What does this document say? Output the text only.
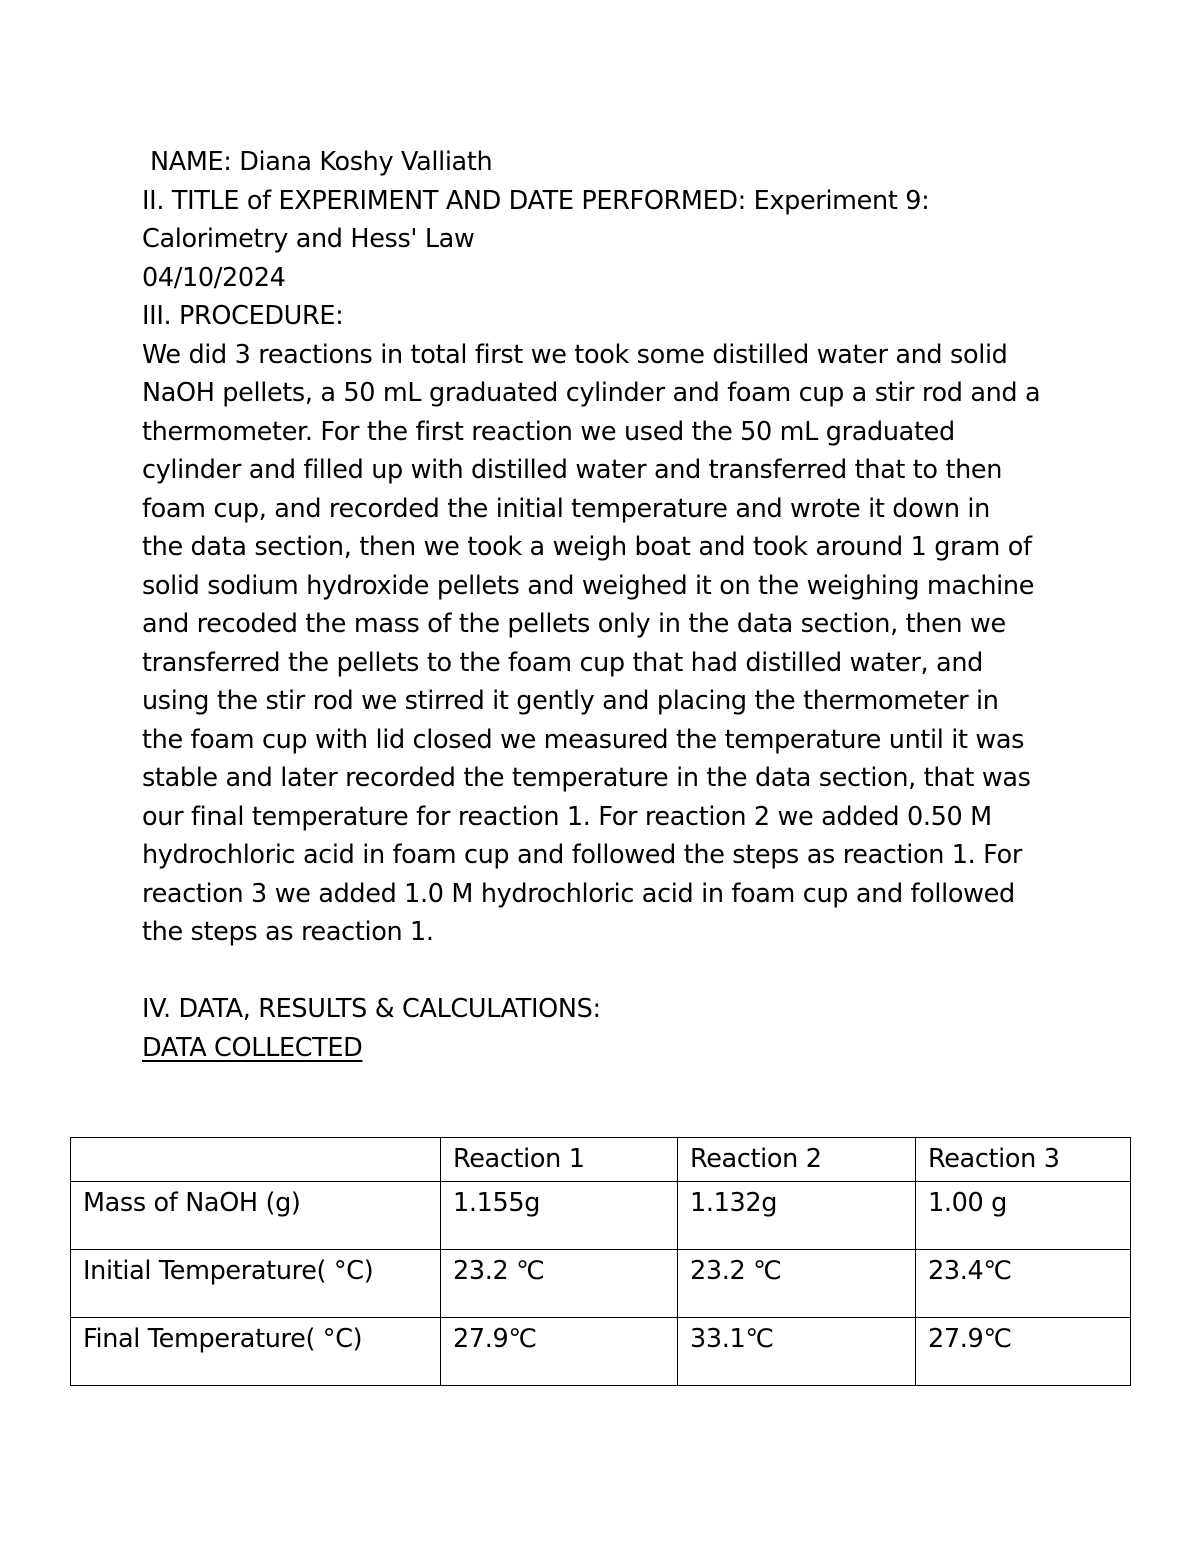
NAME: Diana Koshy Valliath
II. TITLE of EXPERIMENT AND DATE PERFORMED: Experiment 9:
Calorimetry and Hess' Law
04/10/2024
III. PROCEDURE:
We did 3 reactions in total first we took some distilled water and solid
NaOH pellets, a 50 mL graduated cylinder and foam cup a stir rod and a
thermometer. For the first reaction we used the 50 mL graduated
cylinder and filled up with distilled water and transferred that to then
foam cup, and recorded the initial temperature and wrote it down in
the data section, then we took a weigh boat and took around 1 gram of
solid sodium hydroxide pellets and weighed it on the weighing machine
and recoded the mass of the pellets only in the data section, then we
transferred the pellets to the foam cup that had distilled water, and
using the stir rod we stirred it gently and placing the thermometer in
the foam cup with lid closed we measured the temperature until it was
stable and later recorded the temperature in the data section, that was
our final temperature for reaction 1. For reaction 2 we added 0.50 M
hydrochloric acid in foam cup and followed the steps as reaction 1. For
reaction 3 we added 1.0 M hydrochloric acid in foam cup and followed
the steps as reaction 1.
IV. DATA, RESULTS & CALCULATIONS:
DATA COLLECTED
	Reaction 1	Reaction 2	Reaction 3
Mass of NaOH (g)	1.155g	1.132g	1.00 g
Initial Temperature( °C)	23.2 ℃	23.2 ℃	23.4℃
Final Temperature( °C)	27.9℃	33.1℃	27.9℃
